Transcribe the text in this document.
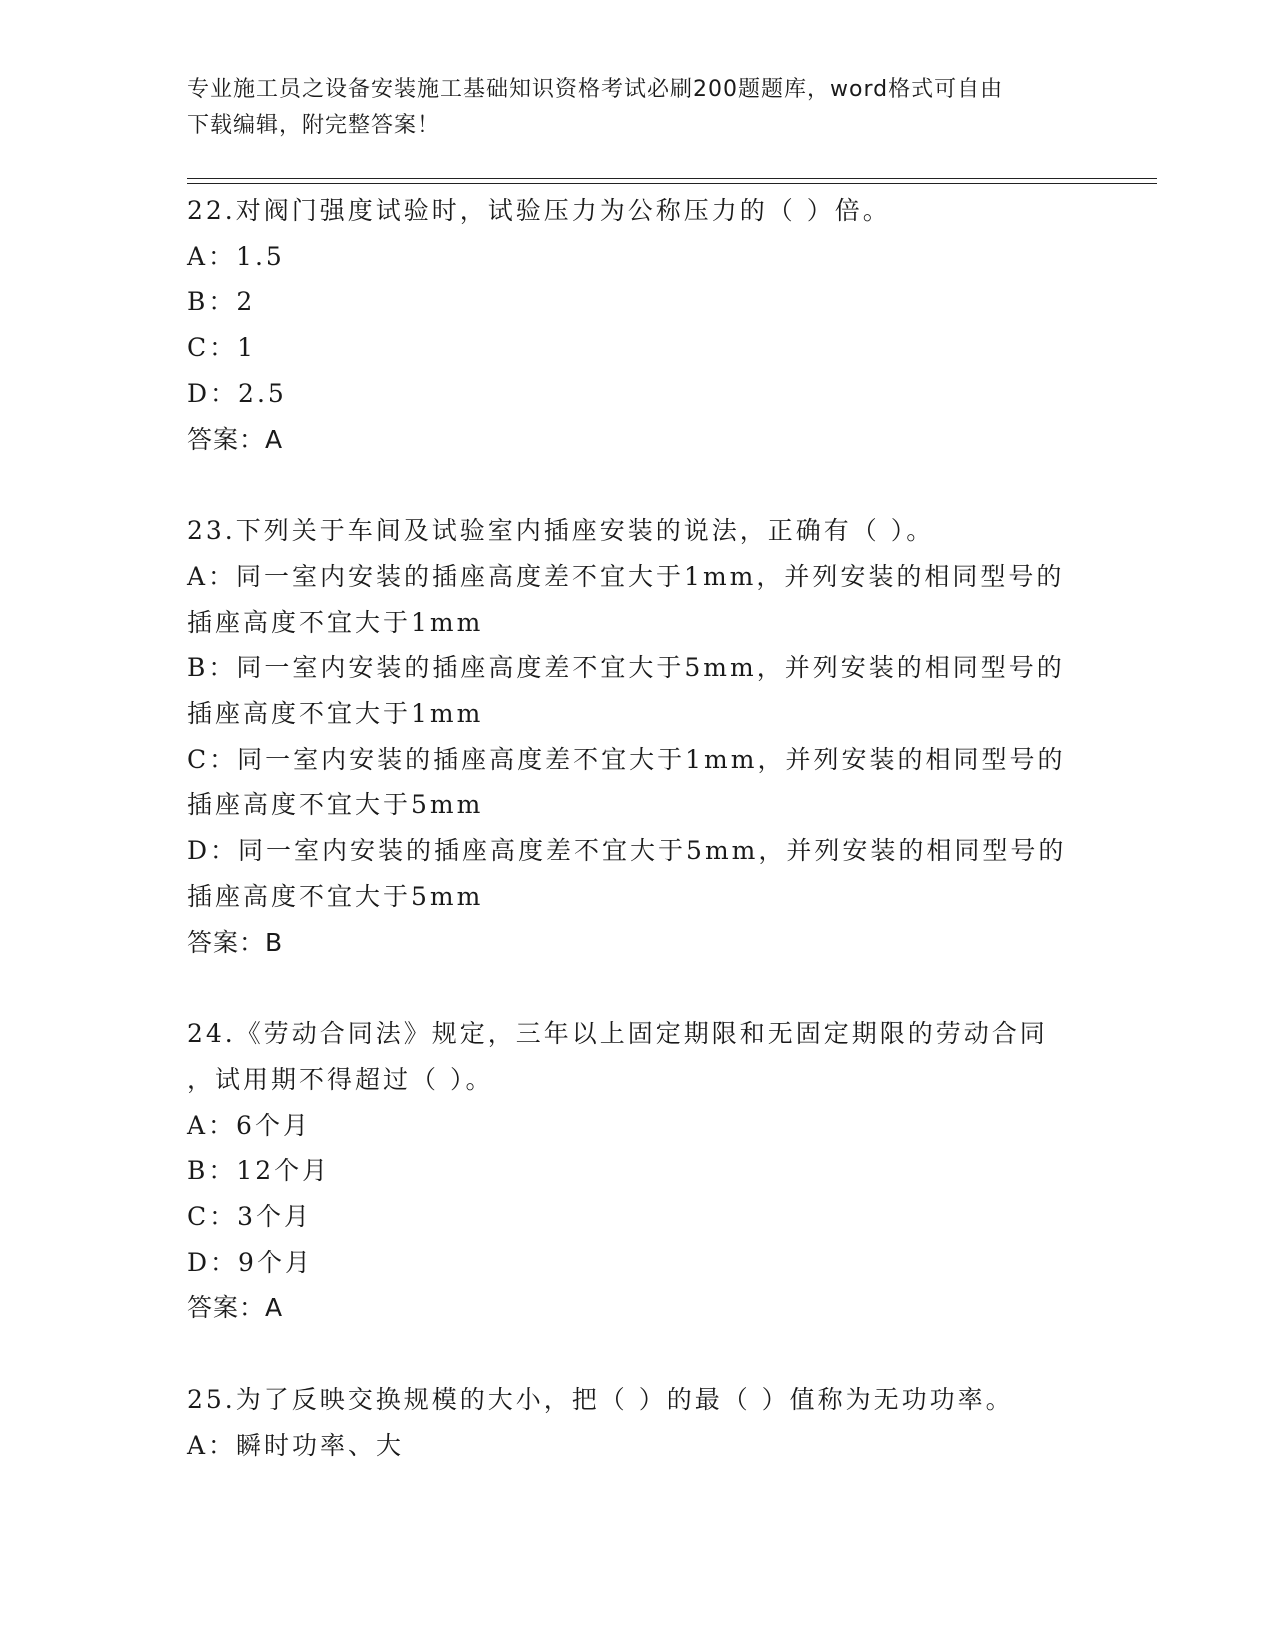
专业施工员之设备安装施工基础知识资格考试必刷200题题库，word格式可自由
下载编辑，附完整答案！
22.对阀门强度试验时，试验压力为公称压力的（ ）倍。
A：1.5
B：2
C：1
D：2.5
答案：A
23.下列关于车间及试验室内插座安装的说法，正确有（ ）。
A：同一室内安装的插座高度差不宜大于1mm，并列安装的相同型号的
插座高度不宜大于1mm
B：同一室内安装的插座高度差不宜大于5mm，并列安装的相同型号的
插座高度不宜大于1mm
C：同一室内安装的插座高度差不宜大于1mm，并列安装的相同型号的
插座高度不宜大于5mm
D：同一室内安装的插座高度差不宜大于5mm，并列安装的相同型号的
插座高度不宜大于5mm
答案：B
24.《劳动合同法》规定，三年以上固定期限和无固定期限的劳动合同
，试用期不得超过（ ）。
A：6个月
B：12个月
C：3个月
D：9个月
答案：A
25.为了反映交换规模的大小，把（ ）的最（ ）值称为无功功率。
A：瞬时功率、大
